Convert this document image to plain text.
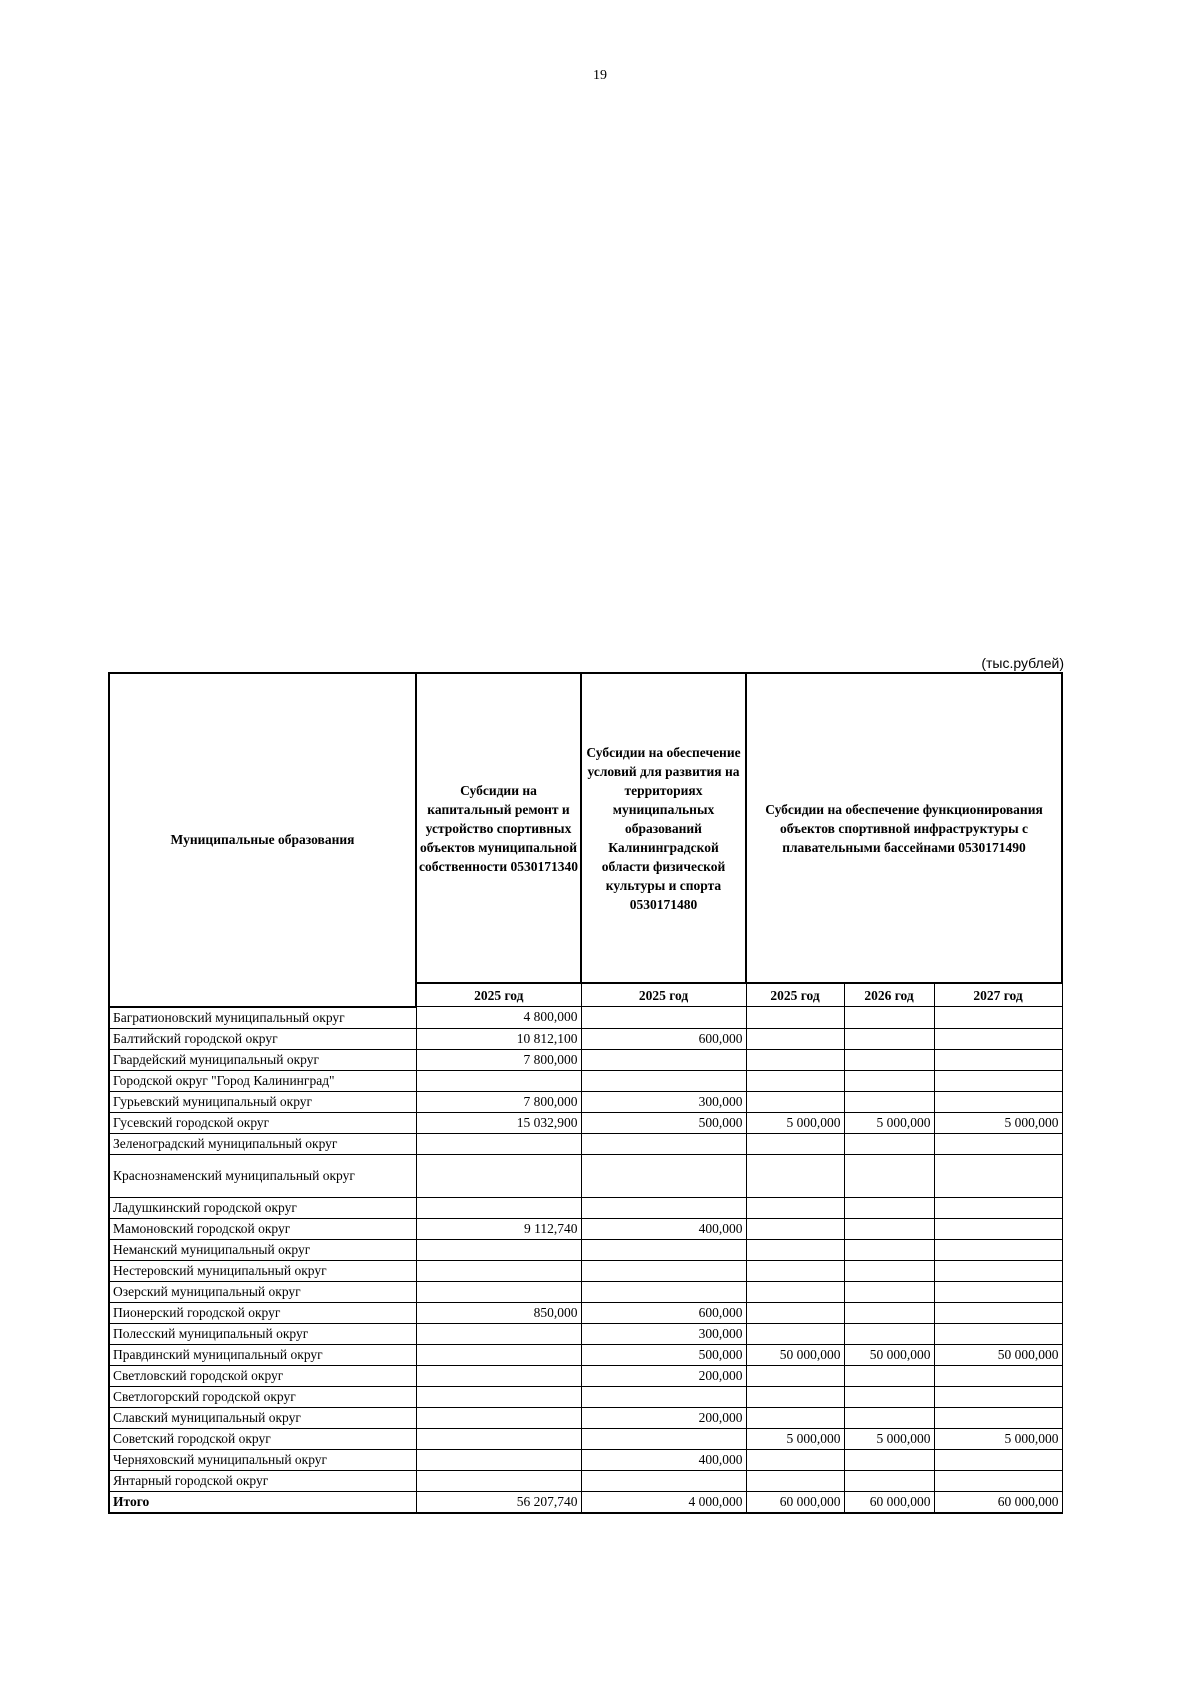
19
(тыс.рублей)
Муниципальные образования	Субсидии на капитальный ремонт и устройство спортивных объектов муниципальной собственности 0530171340	Субсидии на обеспечение условий для развития на территориях муниципальных образований Калининградской области физической культуры и спорта 0530171480	Субсидии на обеспечение функционирования объектов спортивной инфраструктуры с плавательными бассейнами 0530171490		
	2025 год	2025 год	2025 год	2026 год	2027 год
Багратионовский муниципальный округ	4 800,000				
Балтийский городской округ	10 812,100	600,000			
Гвардейский муниципальный округ	7 800,000				
Городской округ "Город Калининград"					
Гурьевский муниципальный округ	7 800,000	300,000			
Гусевский городской округ	15 032,900	500,000	5 000,000	5 000,000	5 000,000
Зеленоградский муниципальный округ					
Краснознаменский муниципальный округ					
Ладушкинский городской округ					
Мамоновский городской округ	9 112,740	400,000			
Неманский муниципальный округ					
Нестеровский муниципальный округ					
Озерский муниципальный округ					
Пионерский городской округ	850,000	600,000			
Полесский муниципальный округ		300,000			
Правдинский муниципальный округ		500,000	50 000,000	50 000,000	50 000,000
Светловский городской округ		200,000			
Светлогорский городской округ					
Славский муниципальный округ		200,000			
Советский городской округ			5 000,000	5 000,000	5 000,000
Черняховский муниципальный округ		400,000			
Янтарный городской округ					
Итого	56 207,740	4 000,000	60 000,000	60 000,000	60 000,000
